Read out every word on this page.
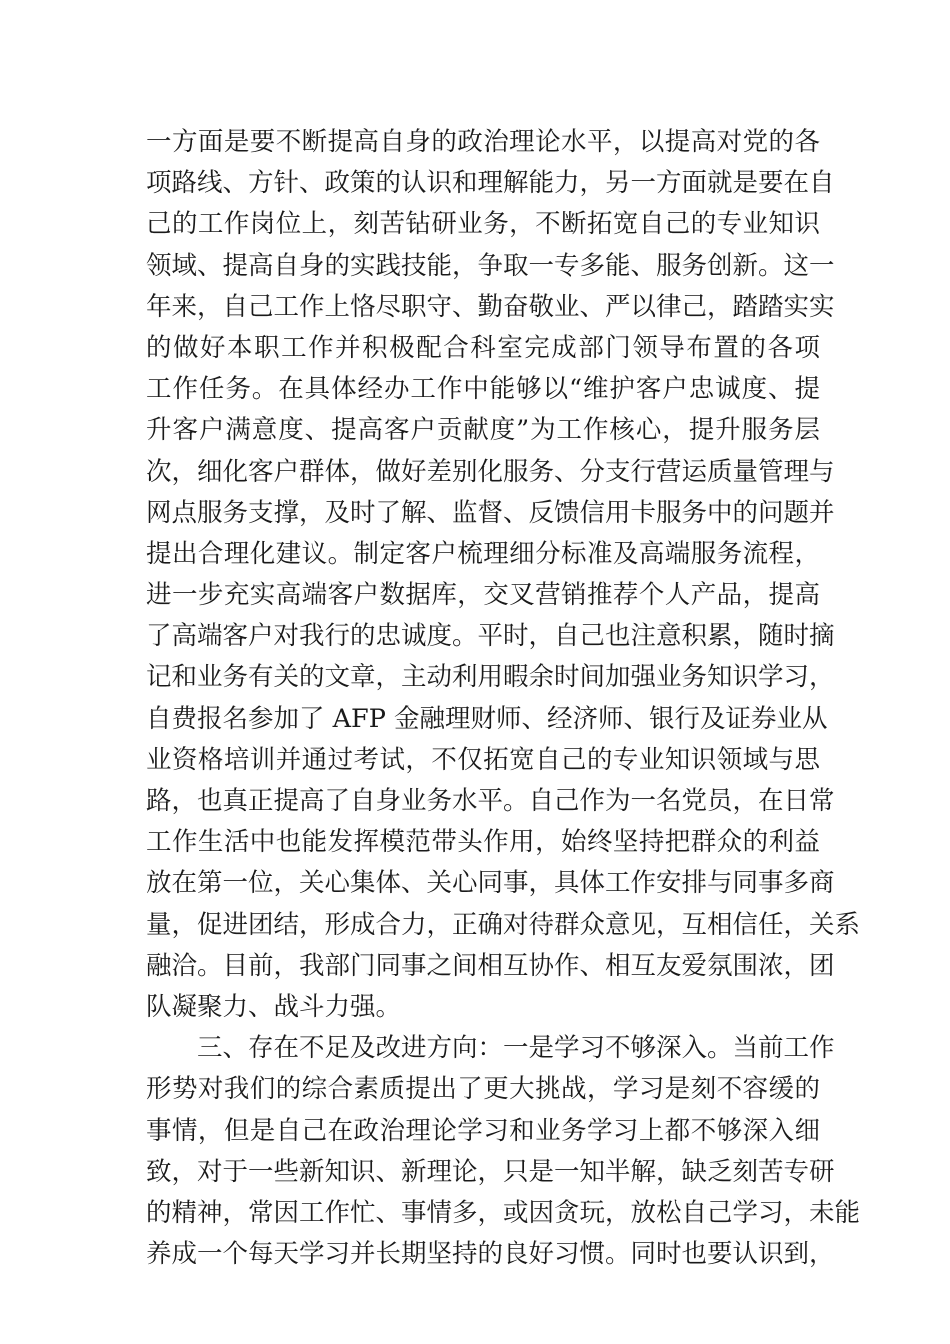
一方面是要不断提高自身的政治理论水平，以提高对党的各
项路线、方针、政策的认识和理解能力，另一方面就是要在自
己的工作岗位上，刻苦钻研业务，不断拓宽自己的专业知识
领域、提高自身的实践技能，争取一专多能、服务创新。这一
年来，自己工作上恪尽职守、勤奋敬业、严以律己，踏踏实实
的做好本职工作并积极配合科室完成部门领导布置的各项
工作任务。在具体经办工作中能够以“维护客户忠诚度、提
升客户满意度、提高客户贡献度”为工作核心，提升服务层
次，细化客户群体，做好差别化服务、分支行营运质量管理与
网点服务支撑，及时了解、监督、反馈信用卡服务中的问题并
提出合理化建议。制定客户梳理细分标准及高端服务流程，
进一步充实高端客户数据库，交叉营销推荐个人产品，提高
了高端客户对我行的忠诚度。平时，自己也注意积累，随时摘
记和业务有关的文章，主动利用暇余时间加强业务知识学习，
自费报名参加了 AFP 金融理财师、经济师、银行及证券业从
业资格培训并通过考试，不仅拓宽自己的专业知识领域与思
路，也真正提高了自身业务水平。自己作为一名党员，在日常
工作生活中也能发挥模范带头作用，始终坚持把群众的利益
放在第一位，关心集体、关心同事，具体工作安排与同事多商
量，促进团结，形成合力，正确对待群众意见，互相信任，关系
融洽。目前，我部门同事之间相互协作、相互友爱氛围浓，团
队凝聚力、战斗力强。
三、存在不足及改进方向：一是学习不够深入。当前工作
形势对我们的综合素质提出了更大挑战，学习是刻不容缓的
事情，但是自己在政治理论学习和业务学习上都不够深入细
致，对于一些新知识、新理论，只是一知半解，缺乏刻苦专研
的精神，常因工作忙、事情多，或因贪玩，放松自己学习，未能
养成一个每天学习并长期坚持的良好习惯。同时也要认识到，
